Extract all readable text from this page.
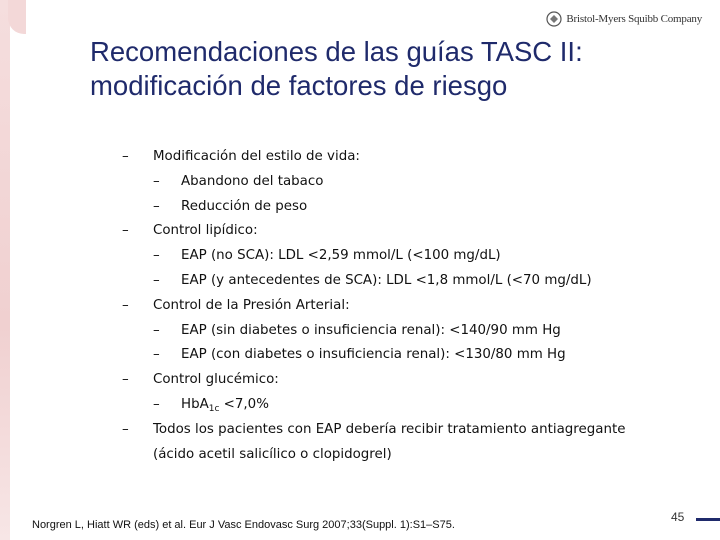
Bristol-Myers Squibb Company
Recomendaciones de las guías TASC II:
modificación de factores de riesgo
– Modificación del estilo de vida:
– Abandono del tabaco
– Reducción de peso
– Control lipídico:
– EAP (no SCA): LDL <2,59 mmol/L (<100 mg/dL)
– EAP (y antecedentes de SCA): LDL <1,8 mmol/L (<70 mg/dL)
– Control de la Presión Arterial:
– EAP (sin diabetes o insuficiencia renal): <140/90 mm Hg
– EAP (con diabetes o insuficiencia renal): <130/80 mm Hg
– Control glucémico:
– HbA$_{1c}$ <7,0%
– Todos los pacientes con EAP debería recibir tratamiento antiagregante
(ácido acetil salicílico o clopidogrel)
Norgren L, Hiatt WR (eds) et al. Eur J Vasc Endovasc Surg 2007;33(Suppl. 1):S1–S75.
45
